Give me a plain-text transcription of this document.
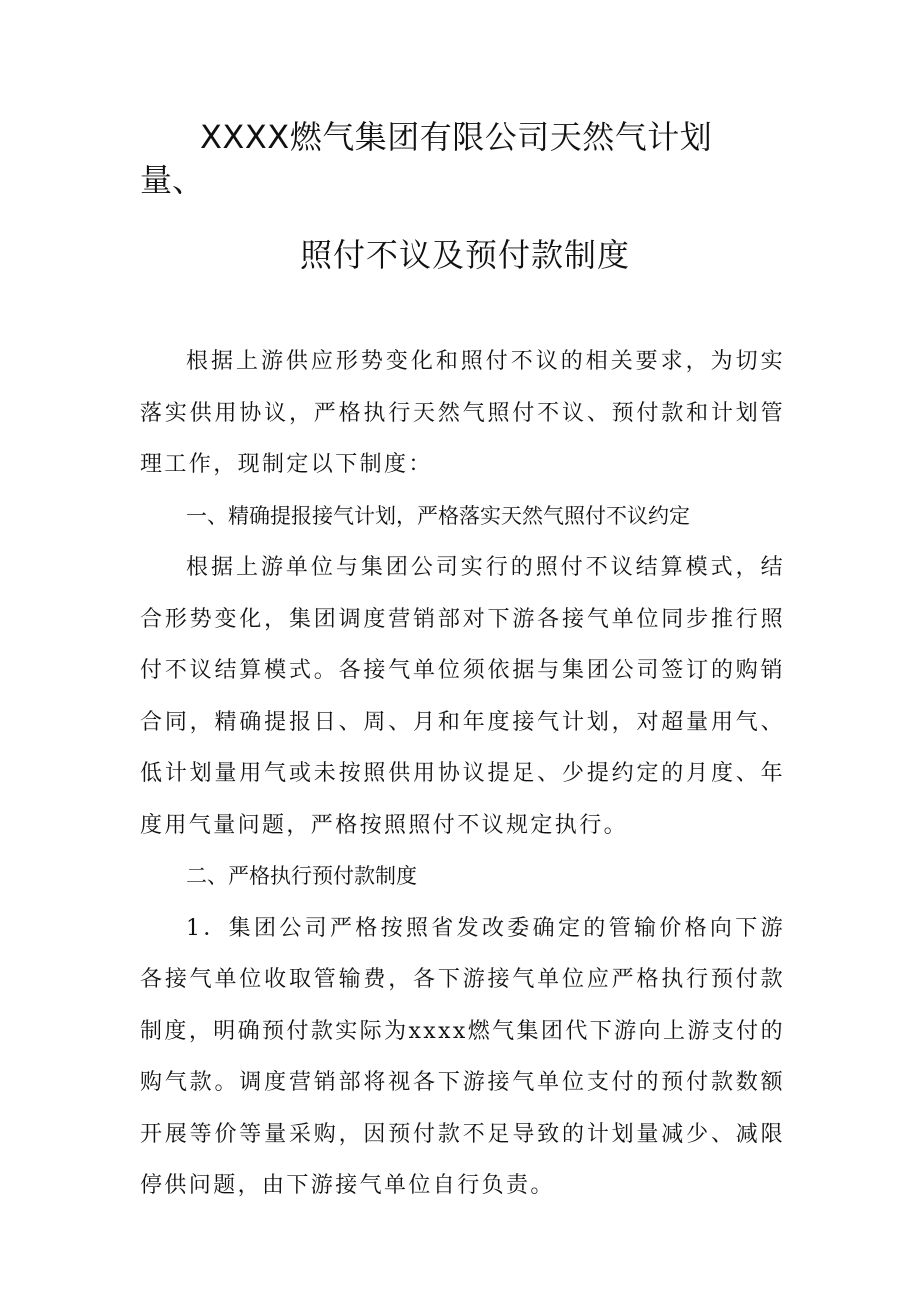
XXXX燃气集团有限公司天然气计划
量、
照付不议及预付款制度

根据上游供应形势变化和照付不议的相关要求，为切实落实供用协议，严格执行天然气照付不议、预付款和计划管理工作，现制定以下制度：

一、精确提报接气计划，严格落实天然气照付不议约定

根据上游单位与集团公司实行的照付不议结算模式，结合形势变化，集团调度营销部对下游各接气单位同步推行照付不议结算模式。各接气单位须依据与集团公司签订的购销合同，精确提报日、周、月和年度接气计划，对超量用气、低计划量用气或未按照供用协议提足、少提约定的月度、年度用气量问题，严格按照照付不议规定执行。

二、严格执行预付款制度

1．集团公司严格按照省发改委确定的管输价格向下游各接气单位收取管输费，各下游接气单位应严格执行预付款制度，明确预付款实际为xxxx燃气集团代下游向上游支付的购气款。调度营销部将视各下游接气单位支付的预付款数额开展等价等量采购，因预付款不足导致的计划量减少、减限停供问题，由下游接气单位自行负责。
